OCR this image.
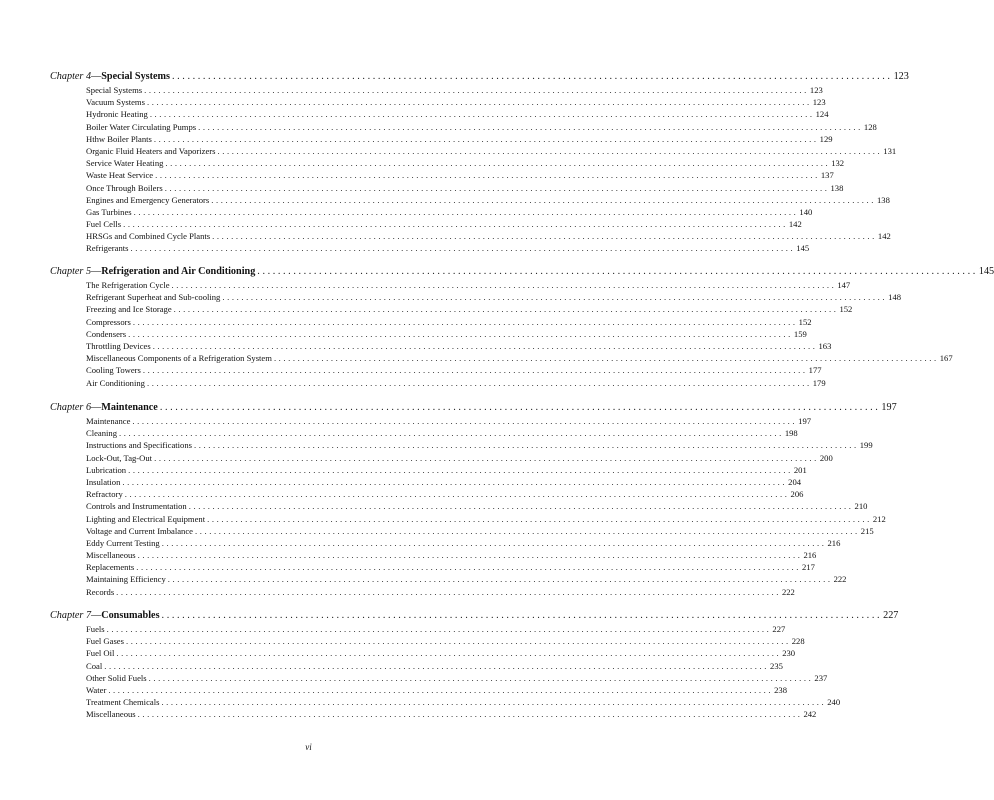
Chapter 4 — Special Systems ............................................................................................................................................ 123
Special Systems ............................................................................................................................................ 123
Vacuum Systems ............................................................................................................................................ 123
Hydronic Heating ............................................................................................................................................ 124
Boiler Water Circulating Pumps ............................................................................................................................................ 128
Hthw Boiler Plants ............................................................................................................................................ 129
Organic Fluid Heaters and Vaporizers ............................................................................................................................................ 131
Service Water Heating ............................................................................................................................................ 132
Waste Heat Service ............................................................................................................................................ 137
Once Through Boilers ............................................................................................................................................ 138
Engines and Emergency Generators ............................................................................................................................................ 138
Gas Turbines ............................................................................................................................................ 140
Fuel Cells ............................................................................................................................................ 142
HRSGs and Combined Cycle Plants ............................................................................................................................................ 142
Refrigerants ............................................................................................................................................ 145
Chapter 5 — Refrigeration and Air Conditioning ............................................................................................................................................ 145
The Refrigeration Cycle ............................................................................................................................................ 147
Refrigerant Superheat and Sub-cooling ............................................................................................................................................ 148
Freezing and Ice Storage ............................................................................................................................................ 152
Compressors ............................................................................................................................................ 152
Condensers ............................................................................................................................................ 159
Throttling Devices ............................................................................................................................................ 163
Miscellaneous Components of a Refrigeration System ............................................................................................................................................ 167
Cooling Towers ............................................................................................................................................ 177
Air Conditioning ............................................................................................................................................ 179
Chapter 6 — Maintenance ............................................................................................................................................ 197
Maintenance ............................................................................................................................................ 197
Cleaning ............................................................................................................................................ 198
Instructions and Specifications ............................................................................................................................................ 199
Lock-Out, Tag-Out ............................................................................................................................................ 200
Lubrication ............................................................................................................................................ 201
Insulation ............................................................................................................................................ 204
Refractory ............................................................................................................................................ 206
Controls and Instrumentation ............................................................................................................................................ 210
Lighting and Electrical Equipment ............................................................................................................................................ 212
Voltage and Current Imbalance ............................................................................................................................................ 215
Eddy Current Testing ............................................................................................................................................ 216
Miscellaneous ............................................................................................................................................ 216
Replacements ............................................................................................................................................ 217
Maintaining Efficiency ............................................................................................................................................ 222
Records ............................................................................................................................................ 222
Chapter 7 — Consumables ............................................................................................................................................ 227
Fuels ............................................................................................................................................ 227
Fuel Gases ............................................................................................................................................ 228
Fuel Oil ............................................................................................................................................ 230
Coal ............................................................................................................................................ 235
Other Solid Fuels ............................................................................................................................................ 237
Water ............................................................................................................................................ 238
Treatment Chemicals ............................................................................................................................................ 240
Miscellaneous ............................................................................................................................................ 242
vi
